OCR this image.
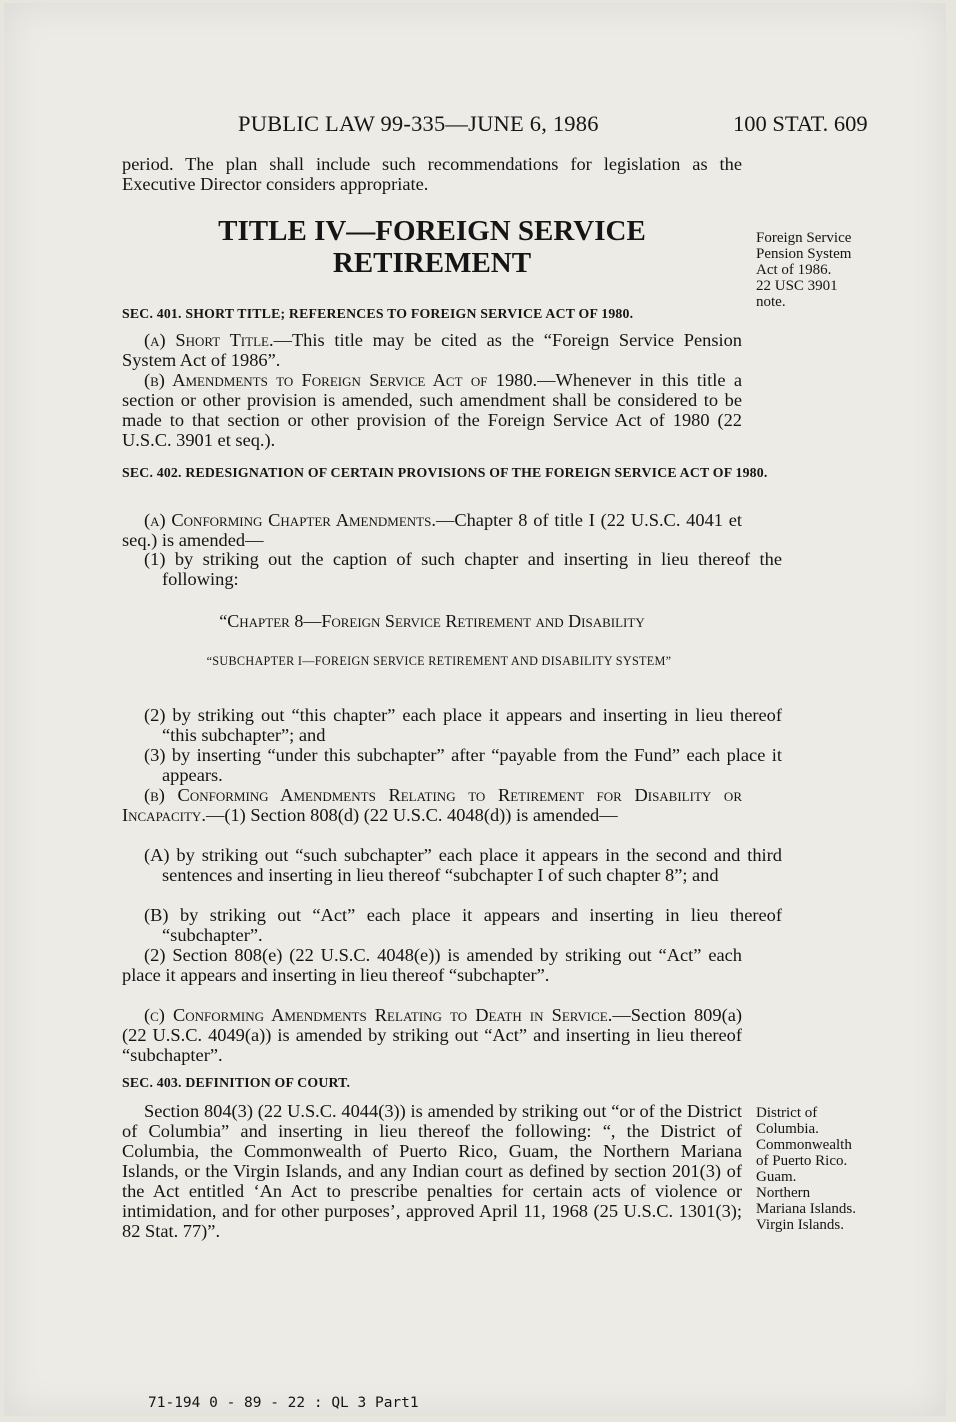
PUBLIC LAW 99-335—JUNE 6, 1986	100 STAT. 609
period. The plan shall include such recommendations for legislation as the Executive Director considers appropriate.
TITLE IV—FOREIGN SERVICE
RETIREMENT
Foreign Service
Pension System
Act of 1986.
22 USC 3901
note.
SEC. 401. SHORT TITLE; REFERENCES TO FOREIGN SERVICE ACT OF 1980.
(a) Short Title.—This title may be cited as the “Foreign Service Pension System Act of 1986”.
(b) Amendments to Foreign Service Act of 1980.—Whenever in this title a section or other provision is amended, such amendment shall be considered to be made to that section or other provision of the Foreign Service Act of 1980 (22 U.S.C. 3901 et seq.).
SEC. 402. REDESIGNATION OF CERTAIN PROVISIONS OF THE FOREIGN SERVICE ACT OF 1980.
(a) Conforming Chapter Amendments.—Chapter 8 of title I (22 U.S.C. 4041 et seq.) is amended—
(1) by striking out the caption of such chapter and inserting in lieu thereof the following:
“Chapter 8—Foreign Service Retirement and Disability
“SUBCHAPTER I—FOREIGN SERVICE RETIREMENT AND DISABILITY SYSTEM”
(2) by striking out “this chapter” each place it appears and inserting in lieu thereof “this subchapter”; and
(3) by inserting “under this subchapter” after “payable from the Fund” each place it appears.
(b) Conforming Amendments Relating to Retirement for Disability or Incapacity.—(1) Section 808(d) (22 U.S.C. 4048(d)) is amended—
(A) by striking out “such subchapter” each place it appears in the second and third sentences and inserting in lieu thereof “subchapter I of such chapter 8”; and
(B) by striking out “Act” each place it appears and inserting in lieu thereof “subchapter”.
(2) Section 808(e) (22 U.S.C. 4048(e)) is amended by striking out “Act” each place it appears and inserting in lieu thereof “subchapter”.
(c) Conforming Amendments Relating to Death in Service.—Section 809(a) (22 U.S.C. 4049(a)) is amended by striking out “Act” and inserting in lieu thereof “subchapter”.
SEC. 403. DEFINITION OF COURT.
Section 804(3) (22 U.S.C. 4044(3)) is amended by striking out “or of the District of Columbia” and inserting in lieu thereof the following: “, the District of Columbia, the Commonwealth of Puerto Rico, Guam, the Northern Mariana Islands, or the Virgin Islands, and any Indian court as defined by section 201(3) of the Act entitled ‘An Act to prescribe penalties for certain acts of violence or intimidation, and for other purposes’, approved April 11, 1968 (25 U.S.C. 1301(3); 82 Stat. 77)”.
District of
Columbia.
Commonwealth
of Puerto Rico.
Guam.
Northern
Mariana Islands.
Virgin Islands.
71-194 0 - 89 - 22 : QL 3 Part1
